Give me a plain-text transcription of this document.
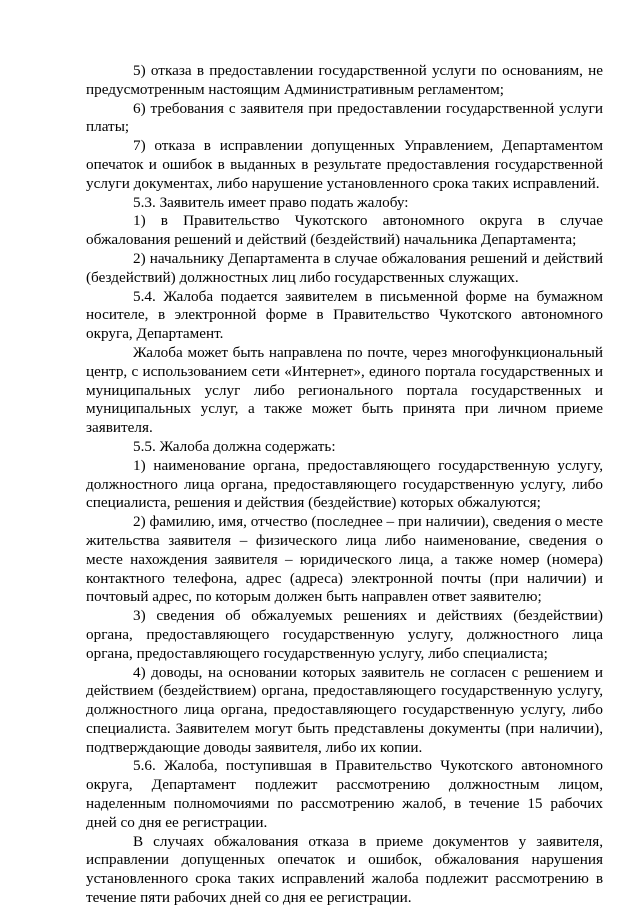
5) отказа в предоставлении государственной услуги по основаниям, не предусмотренным настоящим Административным регламентом;

6) требования с заявителя при предоставлении государственной услуги платы;

7) отказа в исправлении допущенных Управлением, Департаментом опечаток и ошибок в выданных в результате предоставления государственной услуги документах, либо нарушение установленного срока таких исправлений.

5.3. Заявитель имеет право подать жалобу:

1) в Правительство Чукотского автономного округа в случае обжалования решений и действий (бездействий) начальника Департамента;

2) начальнику Департамента в случае обжалования решений и действий (бездействий) должностных лиц либо государственных служащих.

5.4. Жалоба подается заявителем в письменной форме на бумажном носителе, в электронной форме в Правительство Чукотского автономного округа, Департамент.

Жалоба может быть направлена по почте, через многофункциональный центр, с использованием сети «Интернет», единого портала государственных и муниципальных услуг либо регионального портала государственных и муниципальных услуг, а также может быть принята при личном приеме заявителя.

5.5. Жалоба должна содержать:

1) наименование органа, предоставляющего государственную услугу, должностного лица органа, предоставляющего государственную услугу, либо специалиста, решения и действия (бездействие) которых обжалуются;

2) фамилию, имя, отчество (последнее – при наличии), сведения о месте жительства заявителя – физического лица либо наименование, сведения о месте нахождения заявителя – юридического лица, а также номер (номера) контактного телефона, адрес (адреса) электронной почты (при наличии) и почтовый адрес, по которым должен быть направлен ответ заявителю;

3) сведения об обжалуемых решениях и действиях (бездействии) органа, предоставляющего государственную услугу, должностного лица органа, предоставляющего государственную услугу, либо специалиста;

4) доводы, на основании которых заявитель не согласен с решением и действием (бездействием) органа, предоставляющего государственную услугу, должностного лица органа, предоставляющего государственную услугу, либо специалиста. Заявителем могут быть представлены документы (при наличии), подтверждающие доводы заявителя, либо их копии.

5.6. Жалоба, поступившая в Правительство Чукотского автономного округа, Департамент подлежит рассмотрению должностным лицом, наделенным полномочиями по рассмотрению жалоб, в течение 15 рабочих дней со дня ее регистрации.

В случаях обжалования отказа в приеме документов у заявителя, исправлении допущенных опечаток и ошибок, обжалования нарушения установленного срока таких исправлений жалоба подлежит рассмотрению в течение пяти рабочих дней со дня ее регистрации.
